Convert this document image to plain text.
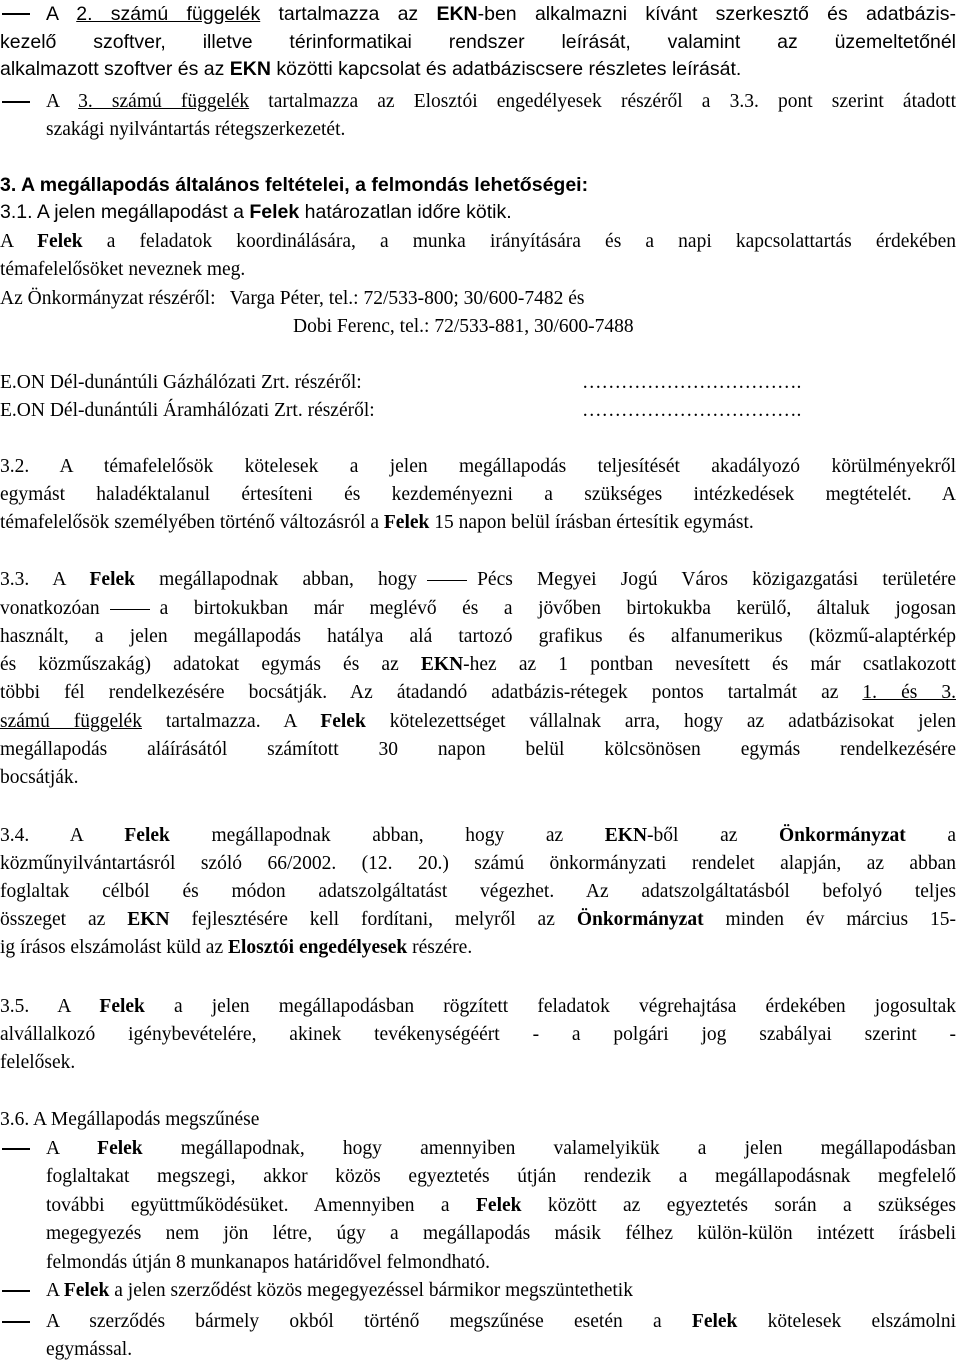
A 2. számú függelék tartalmazza az EKN-ben alkalmazni kívánt szerkesztő és adatbázis-
kezelő szoftver, illetve térinformatikai rendszer leírását, valamint az üzemeltetőnél
alkalmazott szoftver és az EKN közötti kapcsolat és adatbáziscsere részletes leírását.
A 3. számú függelék tartalmazza az Elosztói engedélyesek részéről a 3.3. pont szerint átadott
szakági nyilvántartás rétegszerkezetét.
3. A megállapodás általános feltételei, a felmondás lehetőségei:
3.1. A jelen megállapodást a Felek határozatlan időre kötik.
A Felek a feladatok koordinálására, a munka irányítására és a napi kapcsolattartás érdekében
témafelelősöket neveznek meg.
Az Önkormányzat részéről:   Varga Péter, tel.: 72/533-800; 30/600-7482 és
Dobi Ferenc, tel.: 72/533-881, 30/600-7488
E.ON Dél-dunántúli Gázhálózati Zrt. részéről:	…………………………….
E.ON Dél-dunántúli Áramhálózati Zrt. részéről:	…………………………….
3.2. A témafelelősök kötelesek a jelen megállapodás teljesítését akadályozó körülményekről
egymást haladéktalanul értesíteni és kezdeményezni a szükséges intézkedések megtételét. A
témafelelősök személyében történő változásról a Felek 15 napon belül írásban értesítik egymást.
3.3. A Felek megállapodnak abban, hogy	Pécs Megyei Jogú Város közigazgatási területére
vonatkozóan	a birtokukban már meglévő és a jövőben birtokukba kerülő, általuk jogosan
használt, a jelen megállapodás hatálya alá tartozó grafikus és alfanumerikus (közmű-alaptérkép
és közműszakág) adatokat egymás és az EKN-hez az 1 pontban nevesített és már csatlakozott
többi fél rendelkezésére bocsátják. Az átadandó adatbázis-rétegek pontos tartalmát az 1. és 3.
számú függelék tartalmazza. A Felek kötelezettséget vállalnak arra, hogy az adatbázisokat jelen
megállapodás aláírásától számított 30 napon belül kölcsönösen egymás rendelkezésére
bocsátják.
3.4. A Felek megállapodnak abban, hogy az EKN-ből az Önkormányzat a
közműnyilvántartásról szóló 66/2002. (12. 20.) számú önkormányzati rendelet alapján, az abban
foglaltak célból és módon adatszolgáltatást végezhet. Az adatszolgáltatásból befolyó teljes
összeget az EKN fejlesztésére kell fordítani, melyről az Önkormányzat minden év március 15-
ig írásos elszámolást küld az Elosztói engedélyesek részére.
3.5. A Felek a jelen megállapodásban rögzített feladatok végrehajtása érdekében jogosultak
alvállalkozó igénybevételére, akinek tevékenységéért - a polgári jog szabályai szerint -
felelősek.
3.6. A Megállapodás megszűnése
A Felek megállapodnak, hogy amennyiben valamelyikük a jelen megállapodásban
foglaltakat megszegi, akkor közös egyeztetés útján rendezik a megállapodásnak megfelelő
további együttműködésüket. Amennyiben a Felek között az egyeztetés során a szükséges
megegyezés nem jön létre, úgy a megállapodás másik félhez külön-külön intézett írásbeli
felmondás útján 8 munkanapos határidővel felmondható.
A Felek a jelen szerződést közös megegyezéssel bármikor megszüntethetik
A szerződés bármely okból történő megszűnése esetén a Felek kötelesek elszámolni
egymással.
